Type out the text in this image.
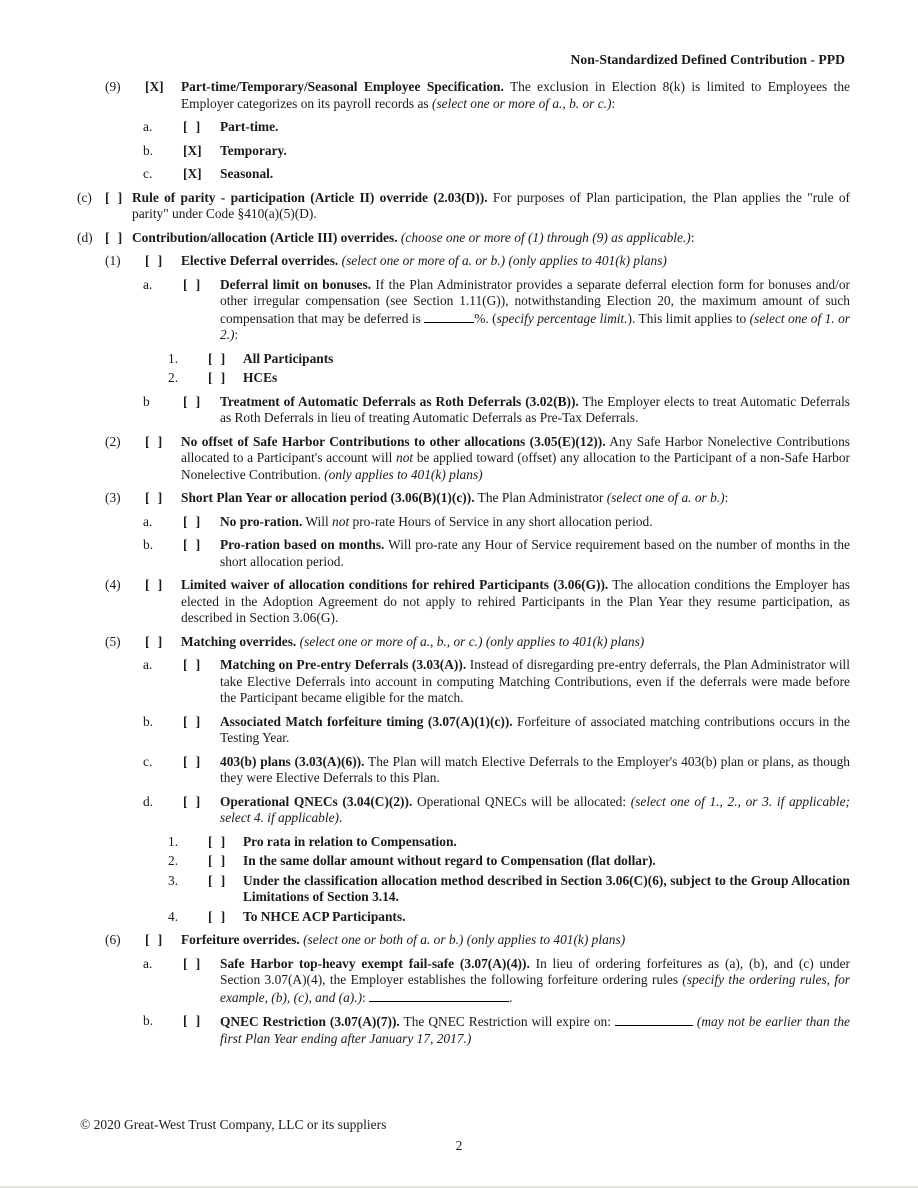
Non-Standardized Defined Contribution - PPD
(9)	[X]	Part-time/Temporary/Seasonal Employee Specification. The exclusion in Election 8(k) is limited to Employees the Employer categorizes on its payroll records as (select one or more of a., b. or c.):
a.	[ ]	Part-time.
b.	[X]	Temporary.
c.	[X]	Seasonal.
(c) [ ] Rule of parity - participation (Article II) override (2.03(D)). For purposes of Plan participation, the Plan applies the "rule of parity" under Code §410(a)(5)(D).
(d) [ ] Contribution/allocation (Article III) overrides. (choose one or more of (1) through (9) as applicable.):
(1)	[ ]	Elective Deferral overrides. (select one or more of a. or b.) (only applies to 401(k) plans)
a.	[ ]	Deferral limit on bonuses. If the Plan Administrator provides a separate deferral election form for bonuses and/or other irregular compensation (see Section 1.11(G)), notwithstanding Election 20, the maximum amount of such compensation that may be deferred is	%. (specify percentage limit.). This limit applies to (select one of 1. or 2.):
1.	[ ]	All Participants
2.	[ ]	HCEs
b	[ ]	Treatment of Automatic Deferrals as Roth Deferrals (3.02(B)). The Employer elects to treat Automatic Deferrals as Roth Deferrals in lieu of treating Automatic Deferrals as Pre-Tax Deferrals.
(2)	[ ]	No offset of Safe Harbor Contributions to other allocations (3.05(E)(12)). Any Safe Harbor Nonelective Contributions allocated to a Participant's account will not be applied toward (offset) any allocation to the Participant of a non-Safe Harbor Nonelective Contribution. (only applies to 401(k) plans)
(3)	[ ]	Short Plan Year or allocation period (3.06(B)(1)(c)). The Plan Administrator (select one of a. or b.):
a.	[ ]	No pro-ration. Will not pro-rate Hours of Service in any short allocation period.
b.	[ ]	Pro-ration based on months. Will pro-rate any Hour of Service requirement based on the number of months in the short allocation period.
(4)	[ ]	Limited waiver of allocation conditions for rehired Participants (3.06(G)). The allocation conditions the Employer has elected in the Adoption Agreement do not apply to rehired Participants in the Plan Year they resume participation, as described in Section 3.06(G).
(5)	[ ]	Matching overrides. (select one or more of a., b., or c.) (only applies to 401(k) plans)
a.	[ ]	Matching on Pre-entry Deferrals (3.03(A)). Instead of disregarding pre-entry deferrals, the Plan Administrator will take Elective Deferrals into account in computing Matching Contributions, even if the deferrals were made before the Participant became eligible for the match.
b.	[ ]	Associated Match forfeiture timing (3.07(A)(1)(c)). Forfeiture of associated matching contributions occurs in the Testing Year.
c.	[ ]	403(b) plans (3.03(A)(6)). The Plan will match Elective Deferrals to the Employer's 403(b) plan or plans, as though they were Elective Deferrals to this Plan.
d.	[ ]	Operational QNECs (3.04(C)(2)). Operational QNECs will be allocated: (select one of 1., 2., or 3. if applicable; select 4. if applicable).
1.	[ ]	Pro rata in relation to Compensation.
2.	[ ]	In the same dollar amount without regard to Compensation (flat dollar).
3.	[ ]	Under the classification allocation method described in Section 3.06(C)(6), subject to the Group Allocation Limitations of Section 3.14.
4.	[ ]	To NHCE ACP Participants.
(6)	[ ]	Forfeiture overrides. (select one or both of a. or b.) (only applies to 401(k) plans)
a.	[ ]	Safe Harbor top-heavy exempt fail-safe (3.07(A)(4)). In lieu of ordering forfeitures as (a), (b), and (c) under Section 3.07(A)(4), the Employer establishes the following forfeiture ordering rules (specify the ordering rules, for example, (b), (c), and (a).):	.
b.	[ ]	QNEC Restriction (3.07(A)(7)). The QNEC Restriction will expire on:	(may not be earlier than the first Plan Year ending after January 17, 2017.)
© 2020 Great-West Trust Company, LLC or its suppliers
2
